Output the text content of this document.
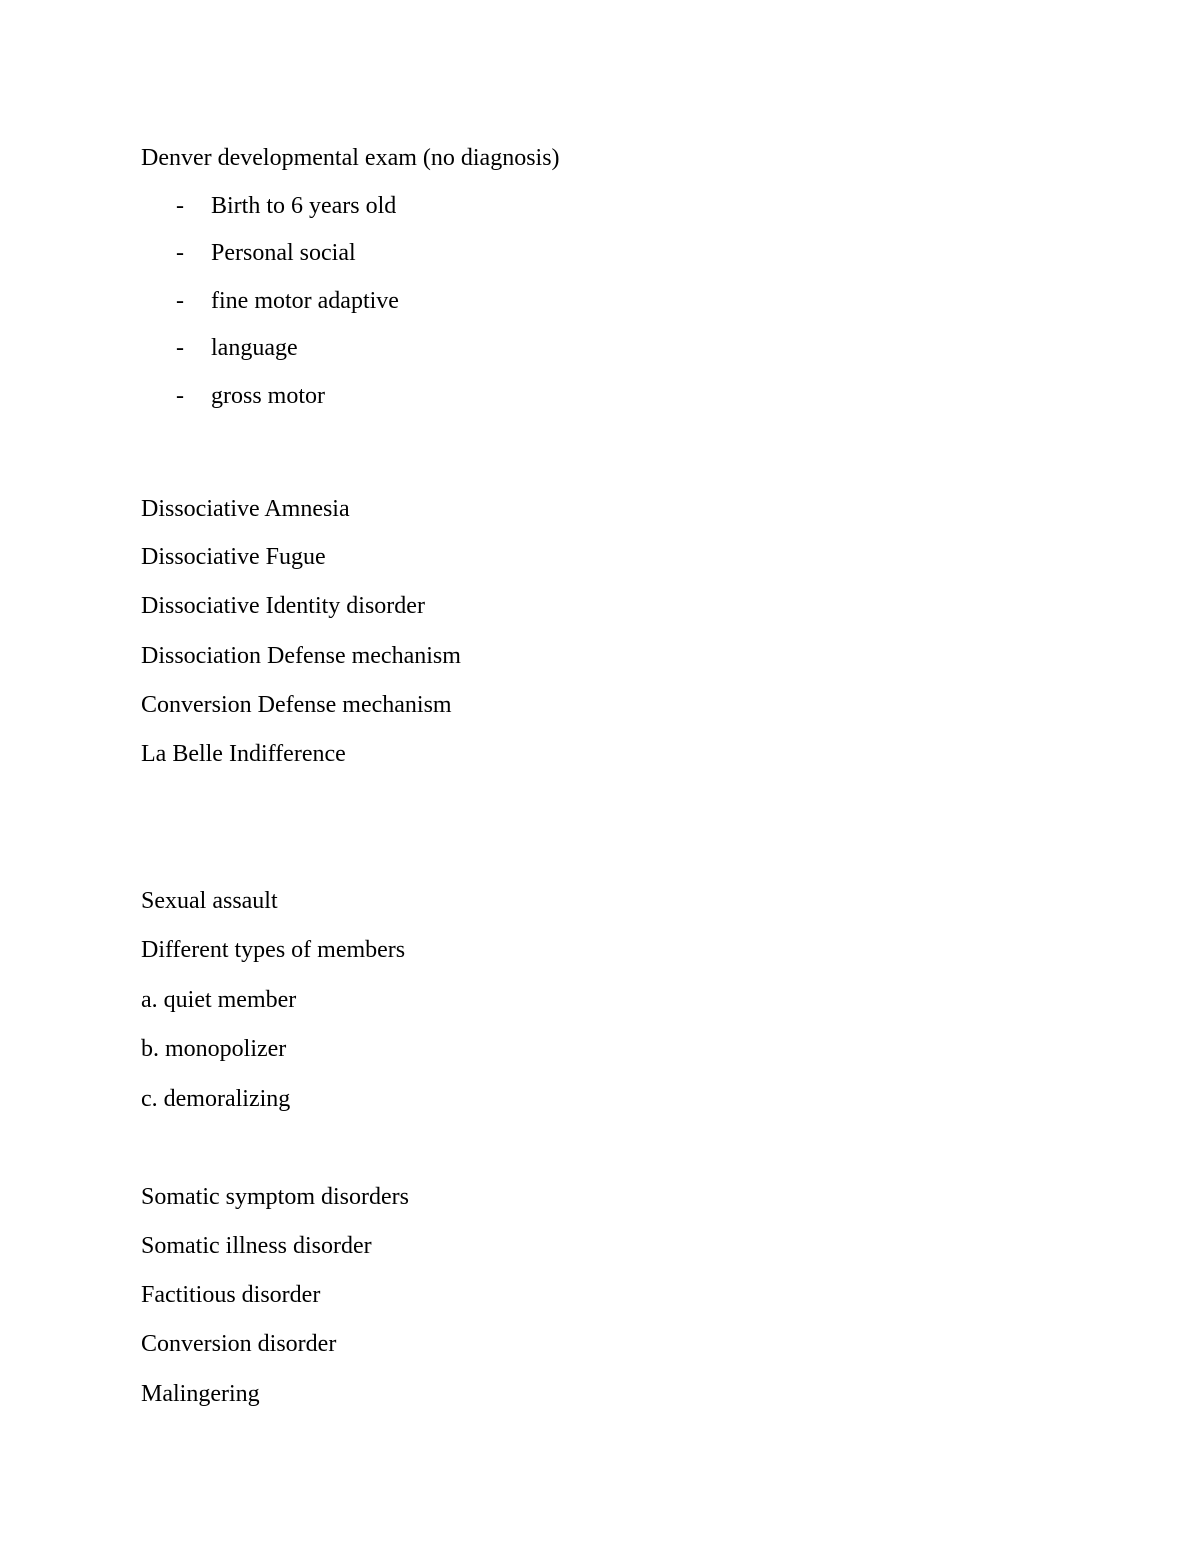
Denver developmental exam (no diagnosis)
- Birth to 6 years old
- Personal social
- fine motor adaptive
- language
- gross motor
Dissociative Amnesia
Dissociative Fugue
Dissociative Identity disorder
Dissociation Defense mechanism
Conversion Defense mechanism
La Belle Indifference
Sexual assault
Different types of members
a. quiet member
b. monopolizer
c. demoralizing
Somatic symptom disorders
Somatic illness disorder
Factitious disorder
Conversion disorder
Malingering
